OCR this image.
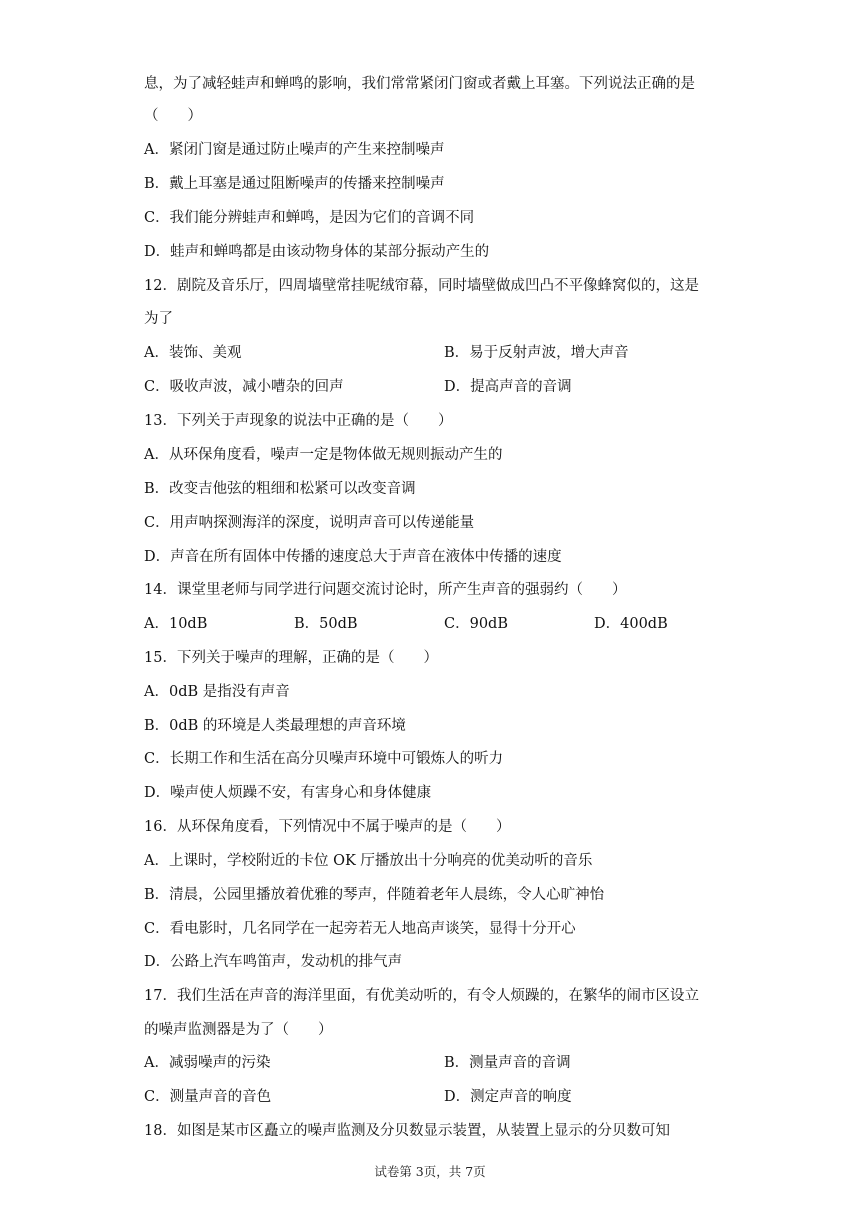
息，为了减轻蛙声和蝉鸣的影响，我们常常紧闭门窗或者戴上耳塞。下列说法正确的是
（　　）
A．紧闭门窗是通过防止噪声的产生来控制噪声
B．戴上耳塞是通过阻断噪声的传播来控制噪声
C．我们能分辨蛙声和蝉鸣，是因为它们的音调不同
D．蛙声和蝉鸣都是由该动物身体的某部分振动产生的
12．剧院及音乐厅，四周墙壁常挂呢绒帘幕，同时墙壁做成凹凸不平像蜂窝似的，这是
为了
A．装饰、美观	B．易于反射声波，增大声音
C．吸收声波，减小嘈杂的回声	D．提高声音的音调
13．下列关于声现象的说法中正确的是（　　）
A．从环保角度看，噪声一定是物体做无规则振动产生的
B．改变吉他弦的粗细和松紧可以改变音调
C．用声呐探测海洋的深度，说明声音可以传递能量
D．声音在所有固体中传播的速度总大于声音在液体中传播的速度
14．课堂里老师与同学进行问题交流讨论时，所产生声音的强弱约（　　）
A．10dB	B．50dB	C．90dB	D．400dB
15．下列关于噪声的理解，正确的是（　　）
A．0dB 是指没有声音
B．0dB 的环境是人类最理想的声音环境
C．长期工作和生活在高分贝噪声环境中可锻炼人的听力
D．噪声使人烦躁不安，有害身心和身体健康
16．从环保角度看，下列情况中不属于噪声的是（　　）
A．上课时，学校附近的卡位 OK 厅播放出十分响亮的优美动听的音乐
B．清晨，公园里播放着优雅的琴声，伴随着老年人晨练，令人心旷神怡
C．看电影时，几名同学在一起旁若无人地高声谈笑，显得十分开心
D．公路上汽车鸣笛声，发动机的排气声
17．我们生活在声音的海洋里面，有优美动听的，有令人烦躁的，在繁华的闹市区设立
的噪声监测器是为了（　　）
A．减弱噪声的污染	B．测量声音的音调
C．测量声音的音色	D．测定声音的响度
18．如图是某市区矗立的噪声监测及分贝数显示装置，从装置上显示的分贝数可知
试卷第 3页，共 7页
